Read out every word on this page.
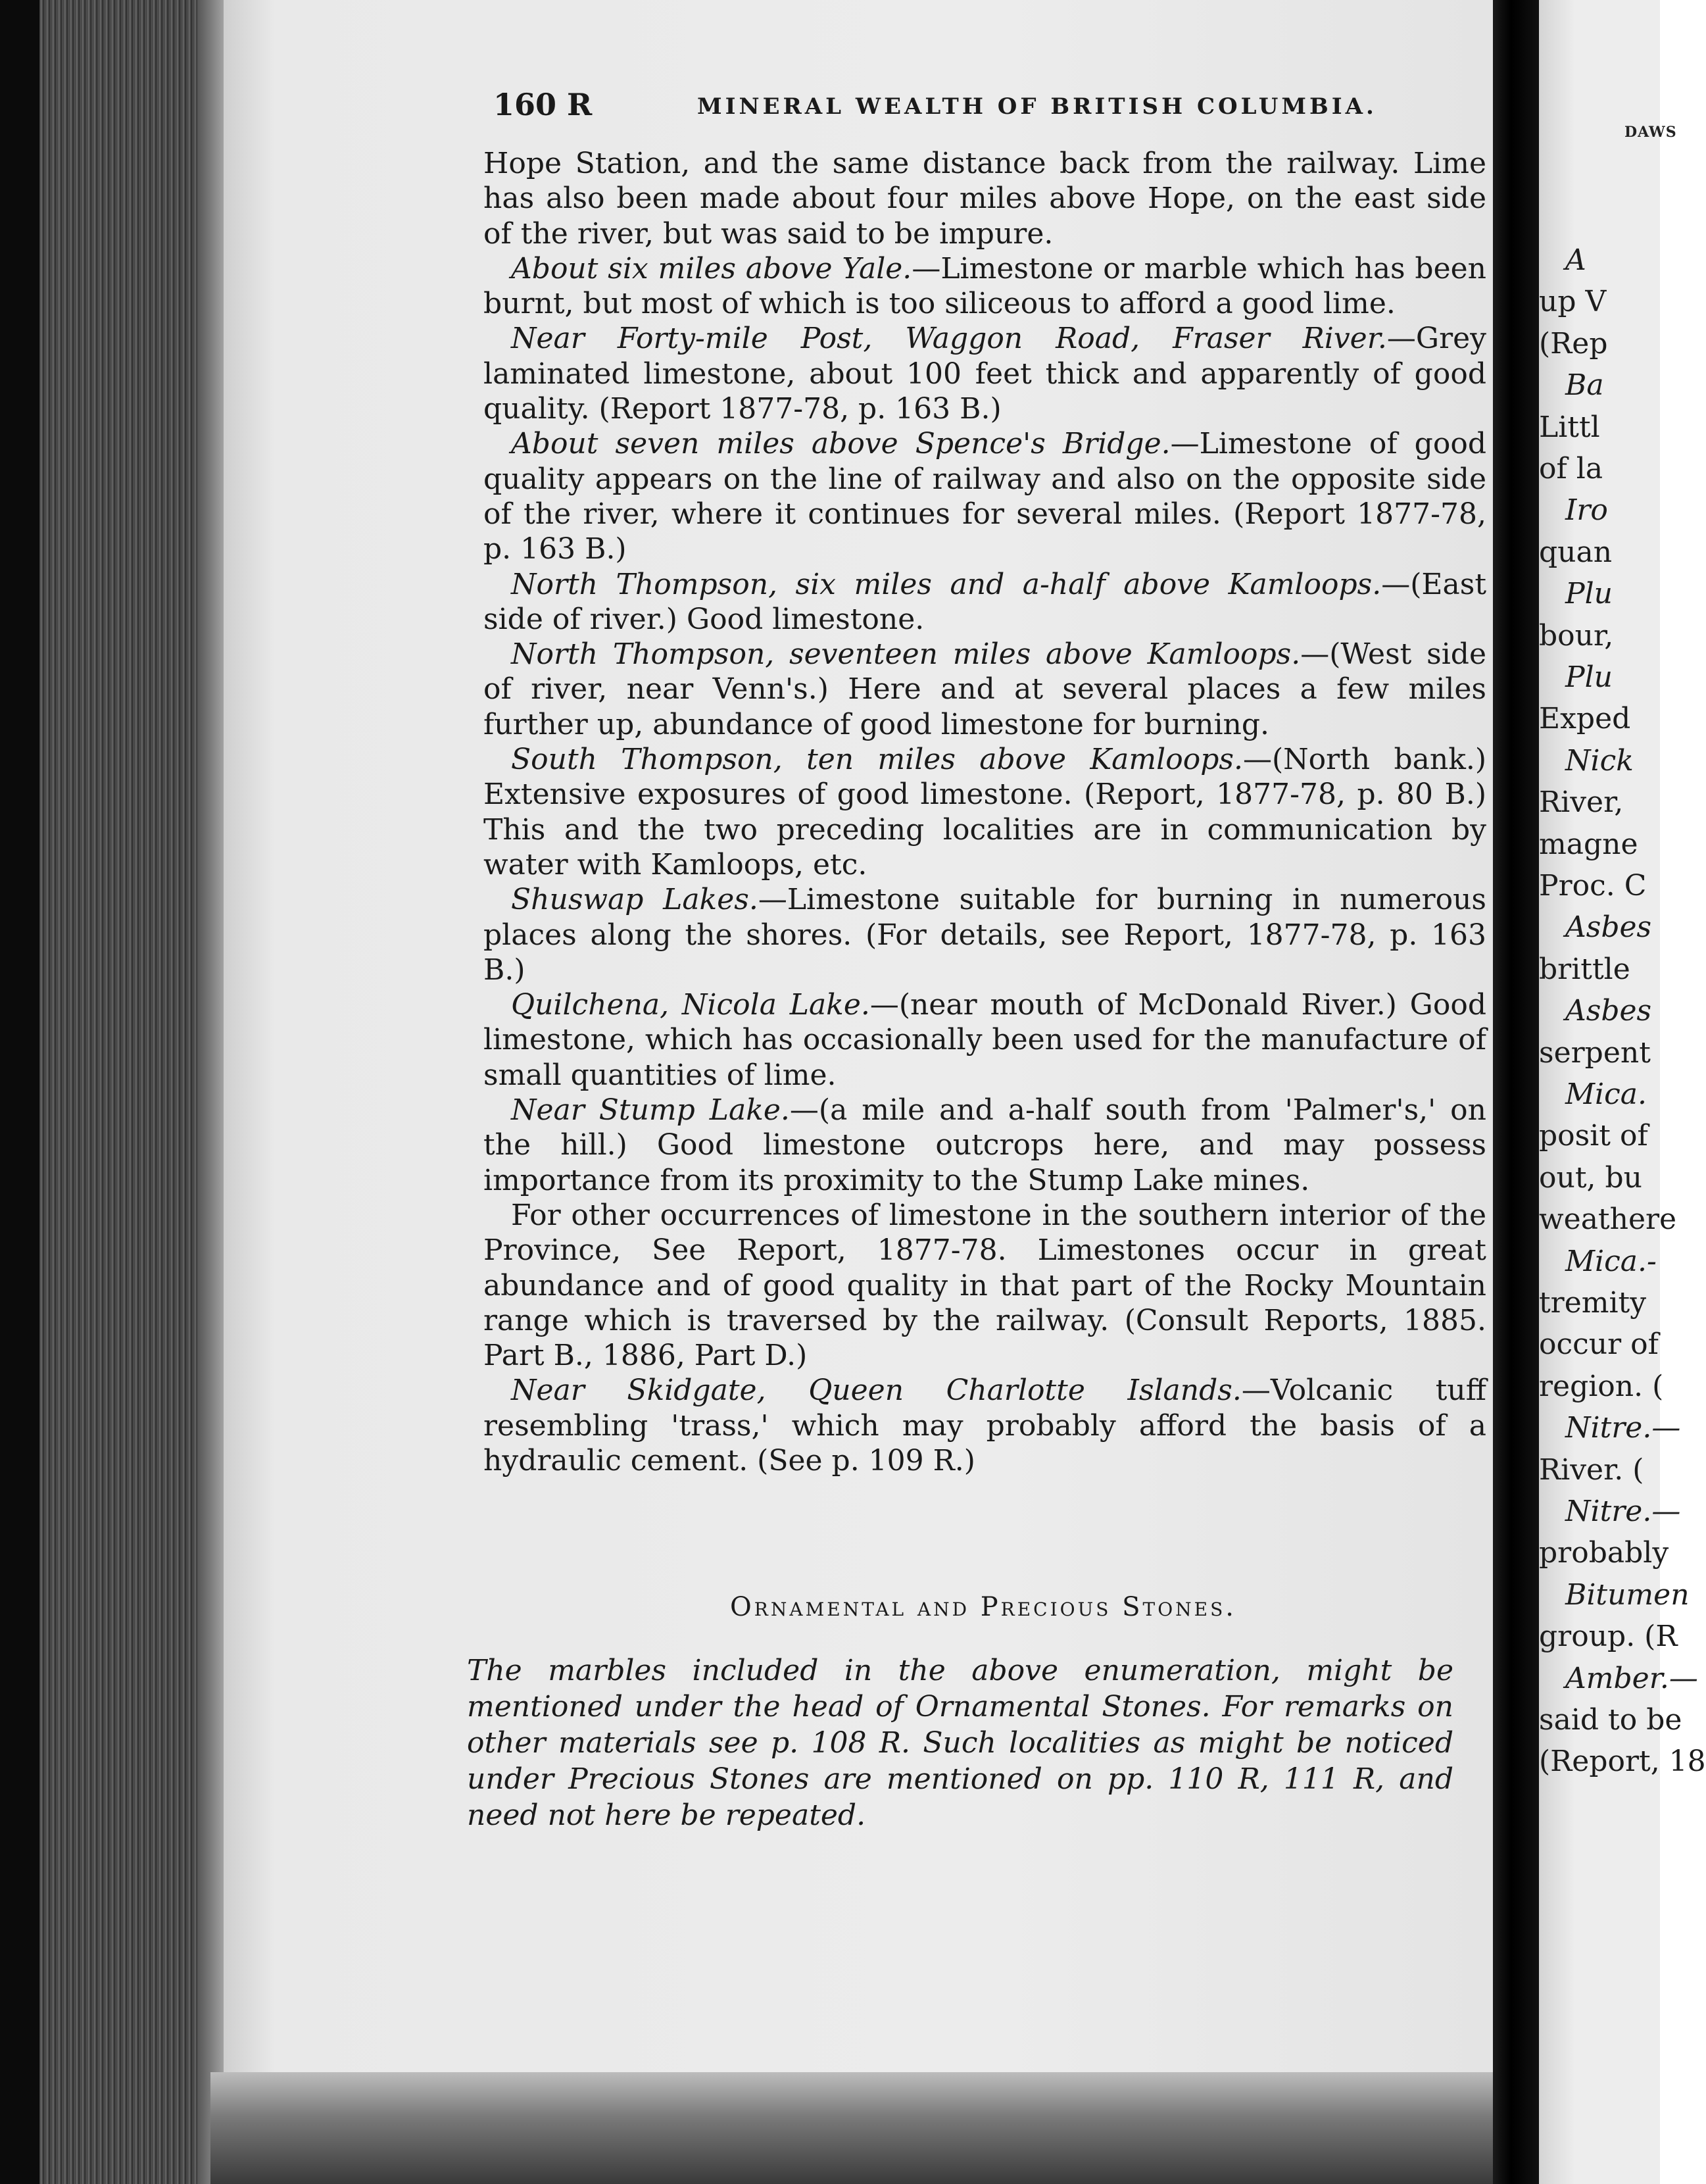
DAWS
A
up V
(Rep
Ba
Littl
of la
Iro
quan
Plu
bour,
Plu
Exped
Nick
River,
magne
Proc. C
Asbes
brittle
Asbes
serpent
Mica.
posit of
out, bu
weathere
Mica.-
tremity
occur of
region. (
Nitre.—
River. (
Nitre.—
probably
Bitumen
group. (R
Amber.—
said to be
(Report, 18
160 R	MINERAL WEALTH OF BRITISH COLUMBIA.

Hope Station, and the same distance back from the railway. Lime has also been made about four miles above Hope, on the east side of the river, but was said to be impure.

About six miles above Yale.—Limestone or marble which has been burnt, but most of which is too siliceous to afford a good lime.

Near Forty-mile Post, Waggon Road, Fraser River.—Grey laminated limestone, about 100 feet thick and apparently of good quality. (Report 1877-78, p. 163 B.)

About seven miles above Spence's Bridge.—Limestone of good quality appears on the line of railway and also on the opposite side of the river, where it continues for several miles. (Report 1877-78, p. 163 B.)

North Thompson, six miles and a-half above Kamloops.—(East side of river.) Good limestone.

North Thompson, seventeen miles above Kamloops.—(West side of river, near Venn's.) Here and at several places a few miles further up, abundance of good limestone for burning.

South Thompson, ten miles above Kamloops.—(North bank.) Extensive exposures of good limestone. (Report, 1877-78, p. 80 B.) This and the two preceding localities are in communication by water with Kamloops, etc.

Shuswap Lakes.—Limestone suitable for burning in numerous places along the shores. (For details, see Report, 1877-78, p. 163 B.)

Quilchena, Nicola Lake.—(near mouth of McDonald River.) Good limestone, which has occasionally been used for the manufacture of small quantities of lime.

Near Stump Lake.—(a mile and a-half south from 'Palmer's,' on the hill.) Good limestone outcrops here, and may possess importance from its proximity to the Stump Lake mines.

For other occurrences of limestone in the southern interior of the Province, See Report, 1877-78. Limestones occur in great abundance and of good quality in that part of the Rocky Mountain range which is traversed by the railway. (Consult Reports, 1885. Part B., 1886, Part D.)

Near Skidgate, Queen Charlotte Islands.—Volcanic tuff resembling 'trass,' which may probably afford the basis of a hydraulic cement. (See p. 109 R.)

Ornamental and Precious Stones.
The marbles included in the above enumeration, might be mentioned under the head of Ornamental Stones. For remarks on other materials see p. 108 R. Such localities as might be noticed under Precious Stones are mentioned on pp. 110 R, 111 R, and need not here be repeated.
